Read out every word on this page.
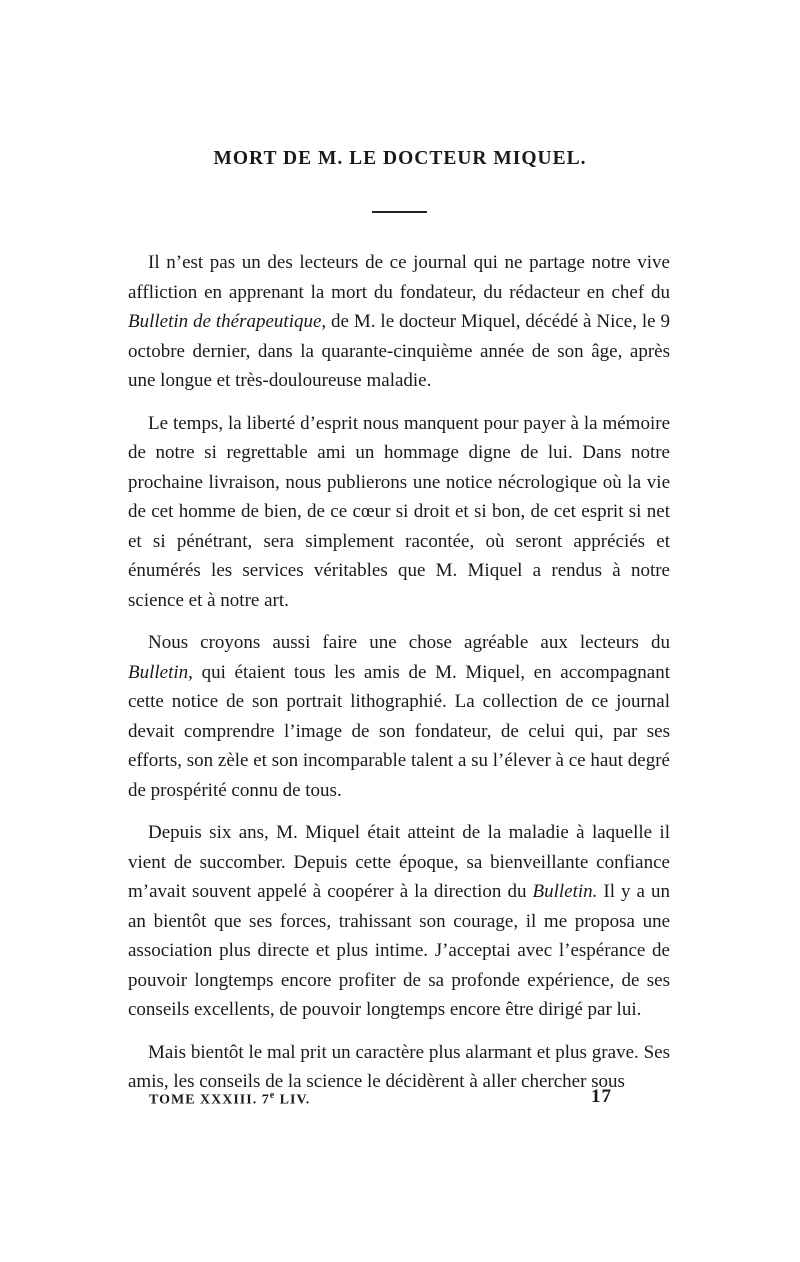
MORT DE M. LE DOCTEUR MIQUEL.

Il n’est pas un des lecteurs de ce journal qui ne partage notre vive affliction en apprenant la mort du fondateur, du rédacteur en chef du Bulletin de thérapeutique, de M. le docteur Miquel, décédé à Nice, le 9 octobre dernier, dans la quarante-cinquième année de son âge, après une longue et très-douloureuse maladie.

Le temps, la liberté d’esprit nous manquent pour payer à la mémoire de notre si regrettable ami un hommage digne de lui. Dans notre prochaine livraison, nous publierons une notice nécrologique où la vie de cet homme de bien, de ce cœur si droit et si bon, de cet esprit si net et si pénétrant, sera simplement racontée, où seront appréciés et énumérés les services véritables que M. Miquel a rendus à notre science et à notre art.

Nous croyons aussi faire une chose agréable aux lecteurs du Bulletin, qui étaient tous les amis de M. Miquel, en accompagnant cette notice de son portrait lithographié. La collection de ce journal devait comprendre l’image de son fondateur, de celui qui, par ses efforts, son zèle et son incomparable talent a su l’élever à ce haut degré de prospérité connu de tous.

Depuis six ans, M. Miquel était atteint de la maladie à laquelle il vient de succomber. Depuis cette époque, sa bienveillante confiance m’avait souvent appelé à coopérer à la direction du Bulletin. Il y a un an bientôt que ses forces, trahissant son courage, il me proposa une association plus directe et plus intime. J’acceptai avec l’espérance de pouvoir longtemps encore profiter de sa profonde expérience, de ses conseils excellents, de pouvoir longtemps encore être dirigé par lui.

Mais bientôt le mal prit un caractère plus alarmant et plus grave. Ses amis, les conseils de la science le décidèrent à aller chercher sous

TOME XXXIII. 7e LIV.	17
